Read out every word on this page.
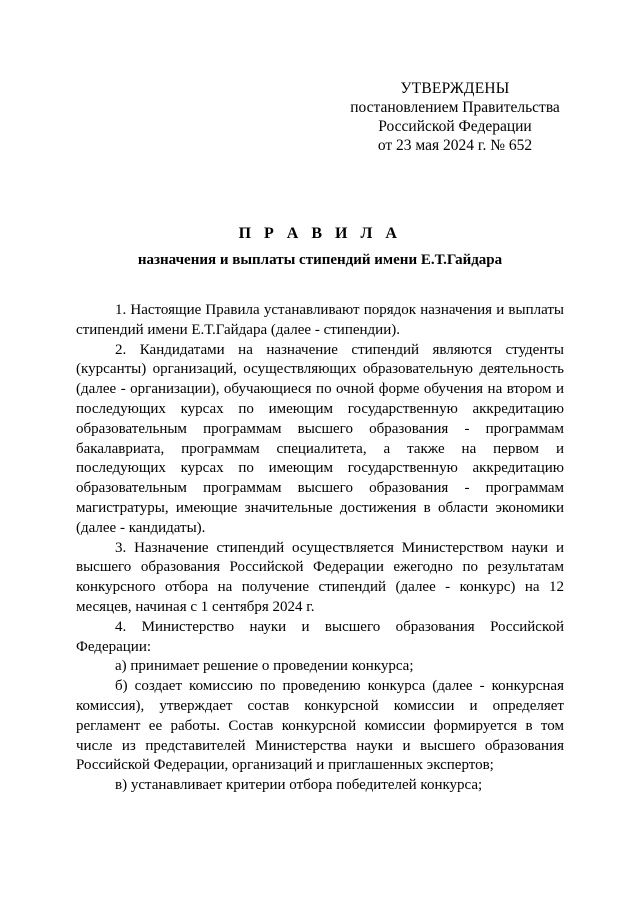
УТВЕРЖДЕНЫ
постановлением Правительства
Российской Федерации
от 23 мая 2024 г. № 652
П Р А В И Л А
назначения и выплаты стипендий имени Е.Т.Гайдара

1. Настоящие Правила устанавливают порядок назначения и выплаты стипендий имени Е.Т.Гайдара (далее - стипендии).

2. Кандидатами на назначение стипендий являются студенты (курсанты) организаций, осуществляющих образовательную деятельность (далее - организации), обучающиеся по очной форме обучения на втором и последующих курсах по имеющим государственную аккредитацию образовательным программам высшего образования - программам бакалавриата, программам специалитета, а также на первом и последующих курсах по имеющим государственную аккредитацию образовательным программам высшего образования - программам магистратуры, имеющие значительные достижения в области экономики (далее - кандидаты).

3. Назначение стипендий осуществляется Министерством науки и высшего образования Российской Федерации ежегодно по результатам конкурсного отбора на получение стипендий (далее - конкурс) на 12 месяцев, начиная с 1 сентября 2024 г.

4. Министерство науки и высшего образования Российской Федерации:

а) принимает решение о проведении конкурса;

б) создает комиссию по проведению конкурса (далее - конкурсная комиссия), утверждает состав конкурсной комиссии и определяет регламент ее работы. Состав конкурсной комиссии формируется в том числе из представителей Министерства науки и высшего образования Российской Федерации, организаций и приглашенных экспертов;

в) устанавливает критерии отбора победителей конкурса;
